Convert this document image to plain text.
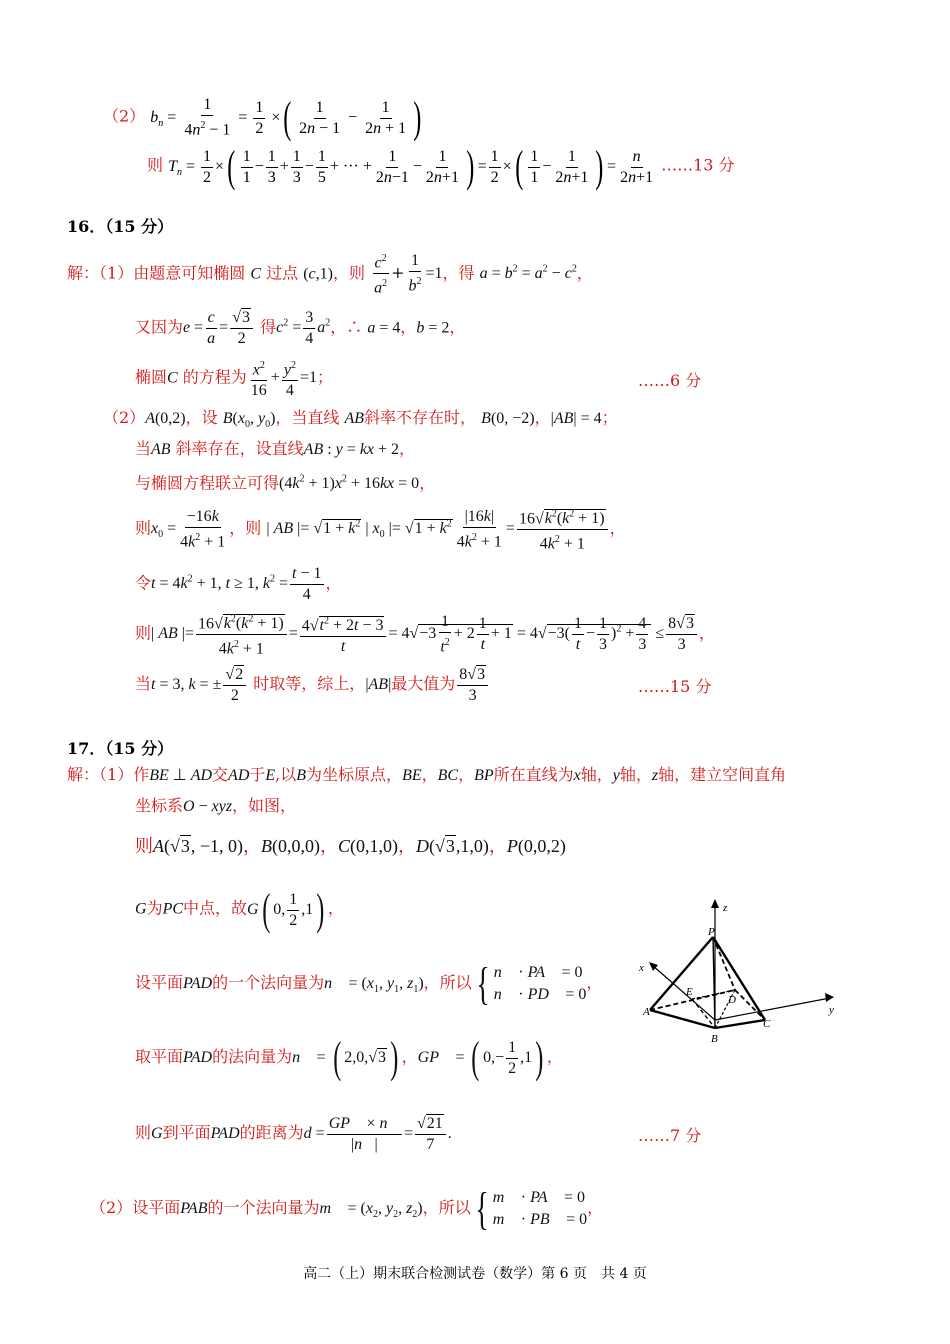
（2） $b_n = \frac{1}{4n^2 - 1} = \frac{1}{2}$ ×( $\frac{1}{2n - 1} - \frac{1}{2n + 1}$ )
则 $T_n = \frac{1}{2}$ ×( $\frac{1}{1} - \frac{1}{3} + \frac{1}{3} - \frac{1}{5}$ + ··· + $\frac{1}{2n-1} - \frac{1}{2n+1}$ ) = $\frac{1}{2}$ ×( $\frac{1}{1} - \frac{1}{2n+1}$ ) = $\frac{n}{2n+1}$ ……13 分
16．（15 分）
解：（1）由题意可知椭圆 C 过点 (c,1)，则 $\frac{c^2}{a^2} + \frac{1}{b^2} =1$，得 $a = b^2 = a^2 - c^2$，
又因为$e = \frac{c}{a} = \frac{√3}{2}$ 得$c^2 = \frac{3}{4} a^2$，∴ a = 4，b = 2，
椭圆C 的方程为 $\frac{x^2}{16} + \frac{y^2}{4} =1$；	……6 分
（2）A(0,2)，设 $B(x_0$, $y_0$)，当直线 AB斜率不存在时， B(0, −2)，|AB| = 4；
当AB 斜率存在，设直线AB : y = kx + 2，
与椭圆方程联立可得$(4k^2 + 1)x^2 + 16kx = 0$，
则$x_0 = \frac{-16k}{4k^2 + 1}$ ，则 | AB |= $√1 + k^2$ | $x_0$ |= $√1 + k^2 \frac{|16k|}{4k^2 + 1} = \frac{16√k^2(k^2 + 1)}{4k^2 + 1}$ ，
令$t = 4k^2 + 1$, t ≥ 1, $k^2 = \frac{t - 1}{4}$ ，
则| AB |= $\frac{16√k^2(k^2 + 1)}{4k^2 + 1} = \frac{4√t^2 + 2t - 3}{t} = 4√-3 \frac{1}{t^2} + 2 \frac{1}{t} + 1 = 4√-3( \frac{1}{t} - \frac{1}{3} )^2 + \frac{4}{3} \le \frac{8√3}{3}$ ，
当t = 3, k = ± $\frac{√2}{2}$ 时取等，综上，|AB|最大值为 $\frac{8√3}{3}$	……15 分
17．（15 分）
解：（1）作BE ⊥ AD交AD于E,以B为坐标原点，BE，BC，BP所在直线为x轴，y轴，z轴，建立空间直角
坐标系O − xyz，如图，
则A(√3, −1, 0)，B(0,0,0)，C(0,1,0)，D(√3,1,0)，P(0,0,2)
G为PC中点，故G( 0, $\frac{1}{2} ,1$) ，
设平面PAD的一个法向量为n⃗ = ($x_1$, $y_1$, $z_1$)，所以{ n⃗ · PA⃗ = 0
n⃗ · PD⃗ = 0
，
取平面PAD的法向量为n⃗ = ( 2,0,√3) ，GP⃗ = ( $0,- \frac{1}{2} ,1$) ，
则G到平面PAD的距离为$d = \frac{GP⃗ \times n⃗}{|n⃗|} = \frac{√21}{7}$ .	……7 分
（2）设平面PAB的一个法向量为m⃗ = ($x_2$, $y_2$, $z_2$)，所以{ m⃗ · PA⃗ = 0
m⃗ · PB⃗ = 0
，
z
P
x
E
D
y
A
C
B
高二（上）期末联合检测试卷（数学）第 6 页　共 4 页
